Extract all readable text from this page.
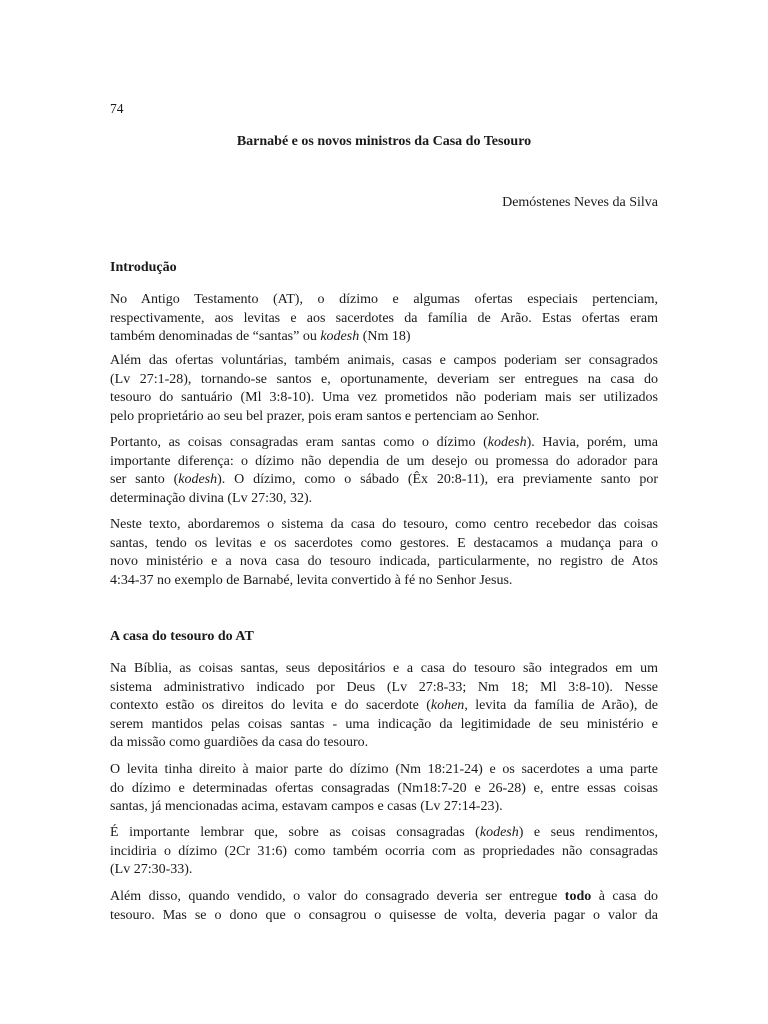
74
Barnabé e os novos ministros da Casa do Tesouro
Demóstenes Neves da Silva
Introdução

No Antigo Testamento (AT), o dízimo e algumas ofertas especiais pertenciam,
respectivamente, aos levitas e aos sacerdotes da família de Arão. Estas ofertas eram
também denominadas de “santas” ou kodesh (Nm 18)

Além das ofertas voluntárias, também animais, casas e campos poderiam ser consagrados
(Lv 27:1-28), tornando-se santos e, oportunamente, deveriam ser entregues na casa do
tesouro do santuário (Ml 3:8-10). Uma vez prometidos não poderiam mais ser utilizados
pelo proprietário ao seu bel prazer, pois eram santos e pertenciam ao Senhor.

Portanto, as coisas consagradas eram santas como o dízimo (kodesh). Havia, porém, uma
importante diferença: o dízimo não dependia de um desejo ou promessa do adorador para
ser santo (kodesh). O dízimo, como o sábado (Êx 20:8-11), era previamente santo por
determinação divina (Lv 27:30, 32).

Neste texto, abordaremos o sistema da casa do tesouro, como centro recebedor das coisas
santas, tendo os levitas e os sacerdotes como gestores. E destacamos a mudança para o
novo ministério e a nova casa do tesouro indicada, particularmente, no registro de Atos
4:34-37 no exemplo de Barnabé, levita convertido à fé no Senhor Jesus.

A casa do tesouro do AT

Na Bíblia, as coisas santas, seus depositários e a casa do tesouro são integrados em um
sistema administrativo indicado por Deus (Lv 27:8-33; Nm 18; Ml 3:8-10). Nesse
contexto estão os direitos do levita e do sacerdote (kohen, levita da família de Arão), de
serem mantidos pelas coisas santas - uma indicação da legitimidade de seu ministério e
da missão como guardiões da casa do tesouro.

O levita tinha direito à maior parte do dízimo (Nm 18:21-24) e os sacerdotes a uma parte
do dízimo e determinadas ofertas consagradas (Nm18:7-20 e 26-28) e, entre essas coisas
santas, já mencionadas acima, estavam campos e casas (Lv 27:14-23).

É importante lembrar que, sobre as coisas consagradas (kodesh) e seus rendimentos,
incidiria o dízimo (2Cr 31:6) como também ocorria com as propriedades não consagradas
(Lv 27:30-33).

Além disso, quando vendido, o valor do consagrado deveria ser entregue todo à casa do
tesouro. Mas se o dono que o consagrou o quisesse de volta, deveria pagar o valor da
